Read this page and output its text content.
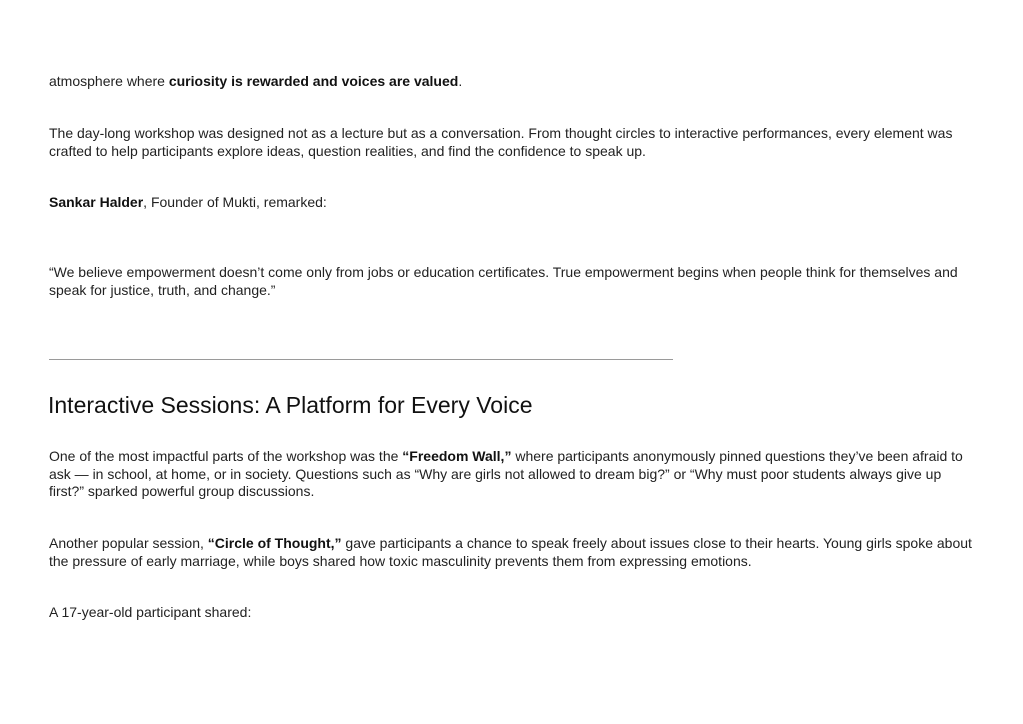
atmosphere where curiosity is rewarded and voices are valued.

The day-long workshop was designed not as a lecture but as a conversation. From thought circles to interactive performances, every element was crafted to help participants explore ideas, question realities, and find the confidence to speak up.

Sankar Halder, Founder of Mukti, remarked:

“We believe empowerment doesn’t come only from jobs or education certificates. True empowerment begins when people think for themselves and speak for justice, truth, and change.”

Interactive Sessions: A Platform for Every Voice

One of the most impactful parts of the workshop was the “Freedom Wall,” where participants anonymously pinned questions they’ve been afraid to ask — in school, at home, or in society. Questions such as “Why are girls not allowed to dream big?” or “Why must poor students always give up first?” sparked powerful group discussions.

Another popular session, “Circle of Thought,” gave participants a chance to speak freely about issues close to their hearts. Young girls spoke about the pressure of early marriage, while boys shared how toxic masculinity prevents them from expressing emotions.

A 17-year-old participant shared:
